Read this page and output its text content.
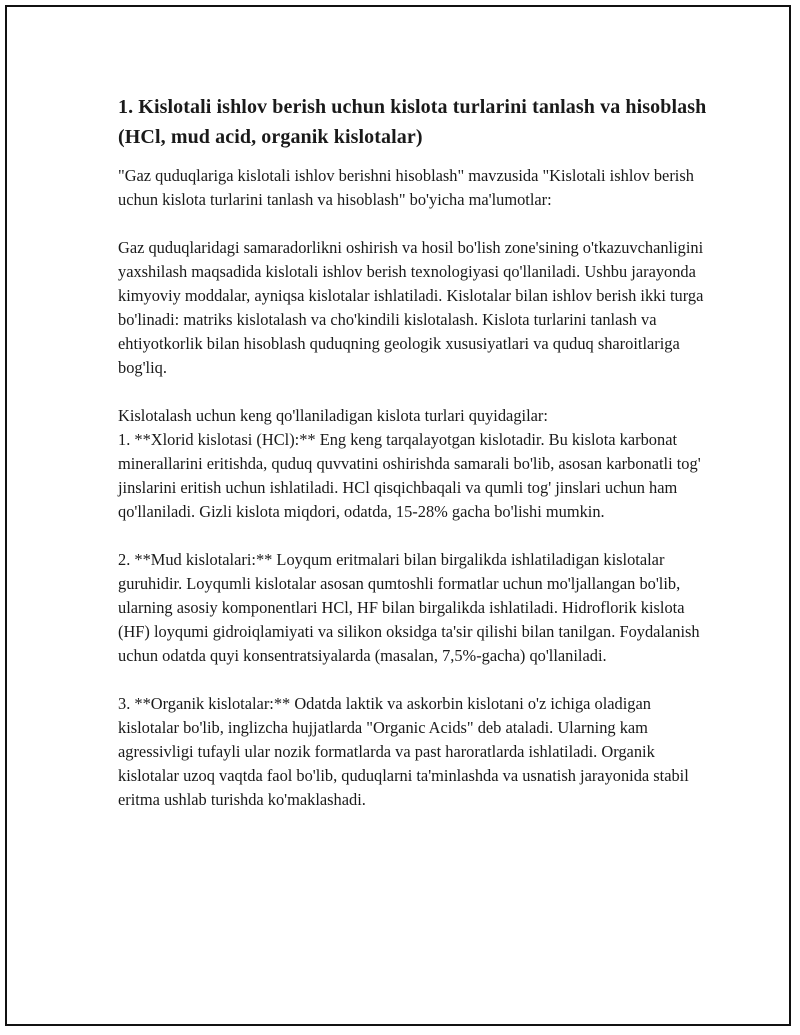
1. Kislotali ishlov berish uchun kislota turlarini tanlash va hisoblash (HCl, mud acid, organik kislotalar)

"Gaz quduqlariga kislotali ishlov berishni hisoblash" mavzusida "Kislotali ishlov berish uchun kislota turlarini tanlash va hisoblash" bo'yicha ma'lumotlar:

Gaz quduqlaridagi samaradorlikni oshirish va hosil bo'lish zone'sining o'tkazuvchanligini yaxshilash maqsadida kislotali ishlov berish texnologiyasi qo'llaniladi. Ushbu jarayonda kimyoviy moddalar, ayniqsa kislotalar ishlatiladi. Kislotalar bilan ishlov berish ikki turga bo'linadi: matriks kislotalash va cho'kindili kislotalash. Kislota turlarini tanlash va ehtiyotkorlik bilan hisoblash quduqning geologik xususiyatlari va quduq sharoitlariga bog'liq.

Kislotalash uchun keng qo'llaniladigan kislota turlari quyidagilar:
1. **Xlorid kislotasi (HCl):** Eng keng tarqalayotgan kislotadir. Bu kislota karbonat minerallarini eritishda, quduq quvvatini oshirishda samarali bo'lib, asosan karbonatli tog' jinslarini eritish uchun ishlatiladi. HCl qisqichbaqali va qumli tog' jinslari uchun ham qo'llaniladi. Gizli kislota miqdori, odatda, 15-28% gacha bo'lishi mumkin.

2. **Mud kislotalari:** Loyqum eritmalari bilan birgalikda ishlatiladigan kislotalar guruhidir. Loyqumli kislotalar asosan qumtoshli formatlar uchun mo'ljallangan bo'lib, ularning asosiy komponentlari HCl, HF bilan birgalikda ishlatiladi. Hidroflorik kislota (HF) loyqumi gidroiqlamiyati va silikon oksidga ta'sir qilishi bilan tanilgan. Foydalanish uchun odatda quyi konsentratsiyalarda (masalan, 7,5%-gacha) qo'llaniladi.

3. **Organik kislotalar:** Odatda laktik va askorbin kislotani o'z ichiga oladigan kislotalar bo'lib, inglizcha hujjatlarda "Organic Acids" deb ataladi. Ularning kam agressivligi tufayli ular nozik formatlarda va past haroratlarda ishlatiladi. Organik kislotalar uzoq vaqtda faol bo'lib, quduqlarni ta'minlashda va usnatish jarayonida stabil eritma ushlab turishda ko'maklashadi.
